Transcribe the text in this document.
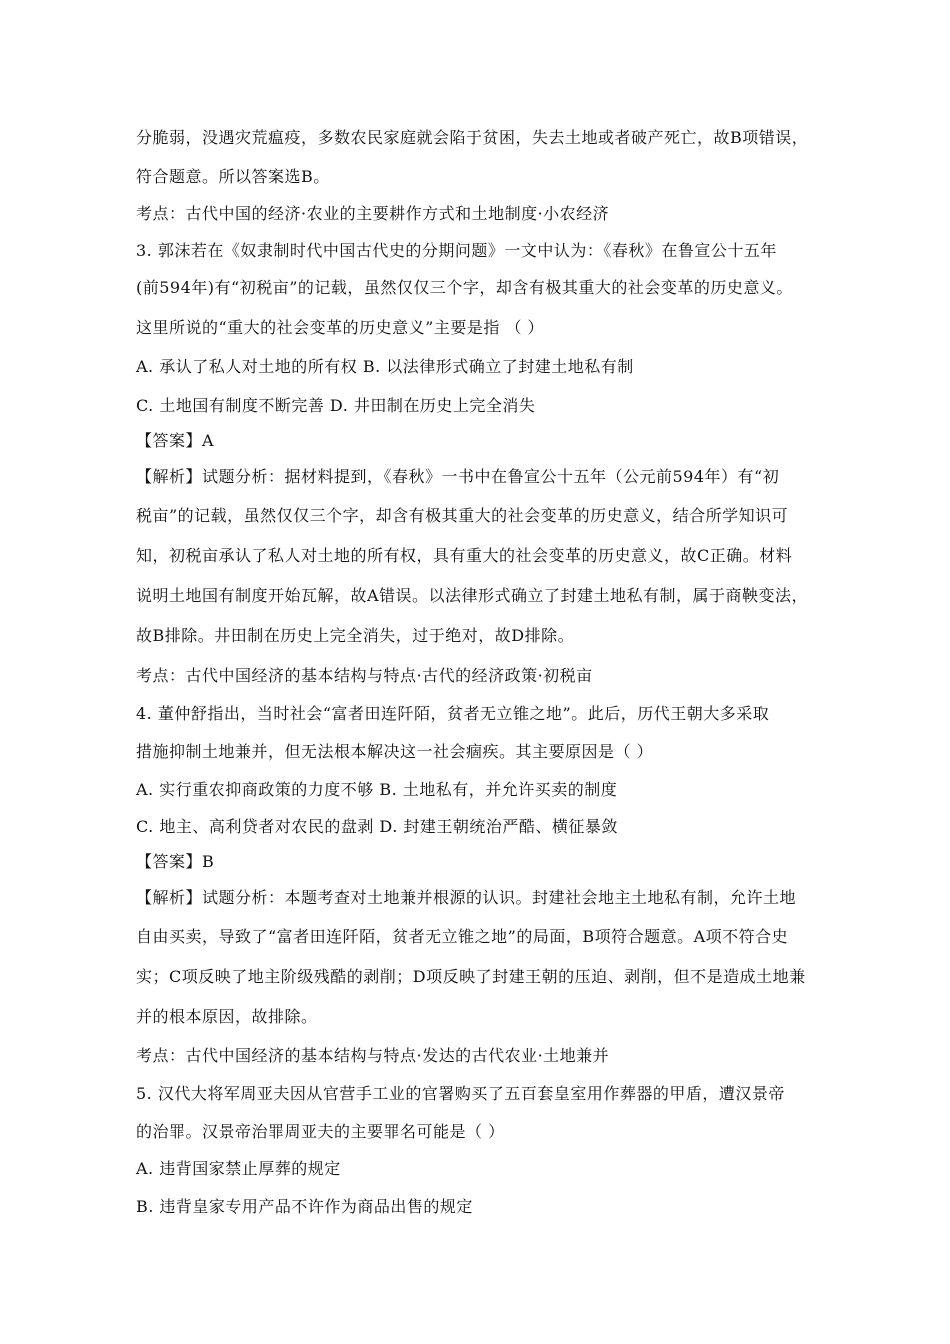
分脆弱，没遇灾荒瘟疫，多数农民家庭就会陷于贫困，失去土地或者破产死亡，故B项错误，
符合题意。所以答案选B。
考点：古代中国的经济·农业的主要耕作方式和土地制度·小农经济
3. 郭沫若在《奴隶制时代中国古代史的分期问题》一文中认为：《春秋》在鲁宣公十五年
(前594年)有“初税亩”的记载，虽然仅仅三个字，却含有极其重大的社会变革的历史意义。
这里所说的“重大的社会变革的历史意义”主要是指 （ ）
A. 承认了私人对土地的所有权 B. 以法律形式确立了封建土地私有制
C. 土地国有制度不断完善 D. 井田制在历史上完全消失
【答案】A
【解析】试题分析：据材料提到，《春秋》一书中在鲁宣公十五年（公元前594年）有“初
税亩”的记载，虽然仅仅三个字，却含有极其重大的社会变革的历史意义，结合所学知识可
知，初税亩承认了私人对土地的所有权，具有重大的社会变革的历史意义，故C正确。材料
说明土地国有制度开始瓦解，故A错误。以法律形式确立了封建土地私有制，属于商鞅变法，
故B排除。井田制在历史上完全消失，过于绝对，故D排除。
考点：古代中国经济的基本结构与特点·古代的经济政策·初税亩
4. 董仲舒指出，当时社会“富者田连阡陌，贫者无立锥之地”。此后，历代王朝大多采取
措施抑制土地兼并，但无法根本解决这一社会痼疾。其主要原因是（ ）
A. 实行重农抑商政策的力度不够 B. 土地私有，并允许买卖的制度
C. 地主、高利贷者对农民的盘剥 D. 封建王朝统治严酷、横征暴敛
【答案】B
【解析】试题分析：本题考查对土地兼并根源的认识。封建社会地主土地私有制，允许土地
自由买卖，导致了“富者田连阡陌，贫者无立锥之地”的局面，B项符合题意。A项不符合史
实；C项反映了地主阶级残酷的剥削；D项反映了封建王朝的压迫、剥削，但不是造成土地兼
并的根本原因，故排除。
考点：古代中国经济的基本结构与特点·发达的古代农业·土地兼并
5. 汉代大将军周亚夫因从官营手工业的官署购买了五百套皇室用作葬器的甲盾，遭汉景帝
的治罪。汉景帝治罪周亚夫的主要罪名可能是（ ）
A. 违背国家禁止厚葬的规定
B. 违背皇家专用产品不许作为商品出售的规定
